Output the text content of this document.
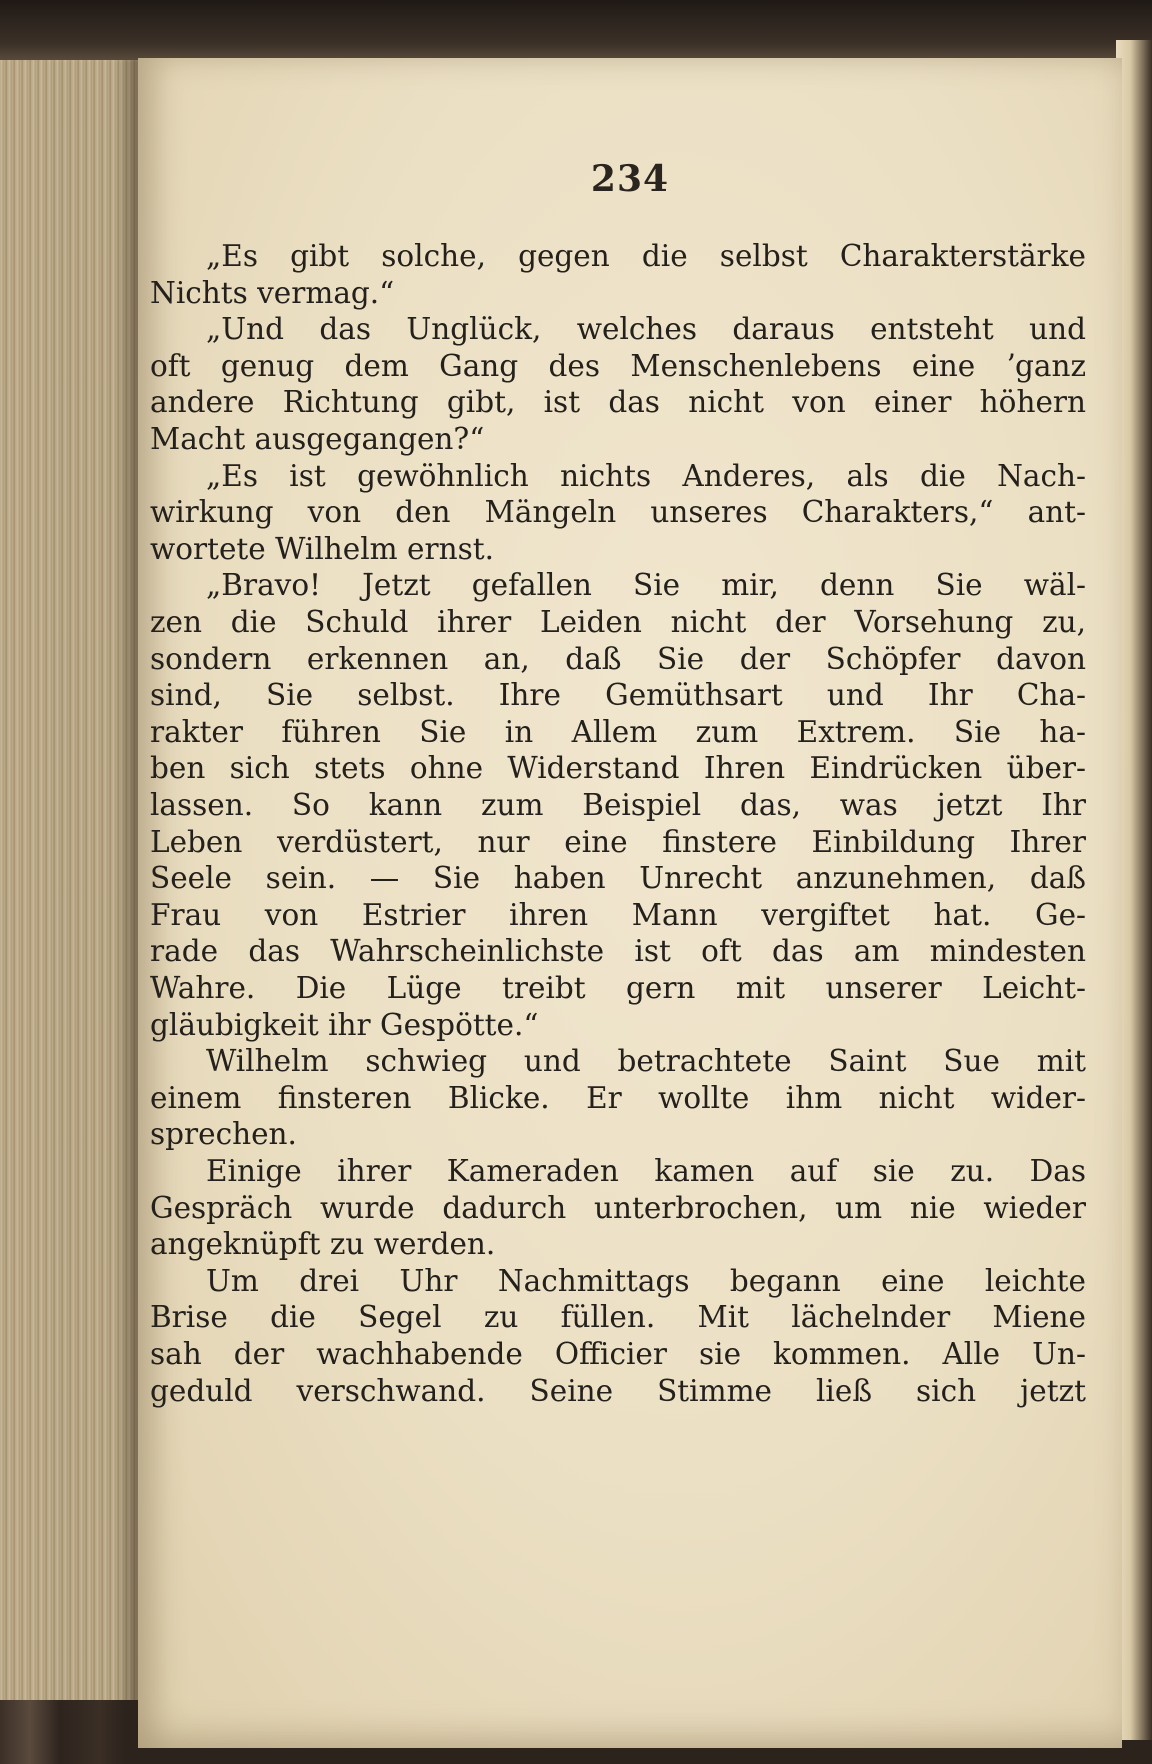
234
„Es gibt solche, gegen die selbst Charakterstärke
Nichts vermag.“
„Und das Unglück, welches daraus entsteht und
oft genug dem Gang des Menschenlebens eine ʼganz
andere Richtung gibt, ist das nicht von einer höhern
Macht ausgegangen?“
„Es ist gewöhnlich nichts Anderes, als die Nach-
wirkung von den Mängeln unseres Charakters,“ ant-
wortete Wilhelm ernst.
„Bravo! Jetzt gefallen Sie mir, denn Sie wäl-
zen die Schuld ihrer Leiden nicht der Vorsehung zu,
sondern erkennen an, daß Sie der Schöpfer davon
sind, Sie selbst. Ihre Gemüthsart und Ihr Cha-
rakter führen Sie in Allem zum Extrem. Sie ha-
ben sich stets ohne Widerstand Ihren Eindrücken über-
lassen. So kann zum Beispiel das, was jetzt Ihr
Leben verdüstert, nur eine finstere Einbildung Ihrer
Seele sein. — Sie haben Unrecht anzunehmen, daß
Frau von Estrier ihren Mann vergiftet hat. Ge-
rade das Wahrscheinlichste ist oft das am mindesten
Wahre. Die Lüge treibt gern mit unserer Leicht-
gläubigkeit ihr Gespötte.“
Wilhelm schwieg und betrachtete Saint Sue mit
einem finsteren Blicke. Er wollte ihm nicht wider-
sprechen.
Einige ihrer Kameraden kamen auf sie zu. Das
Gespräch wurde dadurch unterbrochen, um nie wieder
angeknüpft zu werden.
Um drei Uhr Nachmittags begann eine leichte
Brise die Segel zu füllen. Mit lächelnder Miene
sah der wachhabende Officier sie kommen. Alle Un-
geduld verschwand. Seine Stimme ließ sich jetzt
